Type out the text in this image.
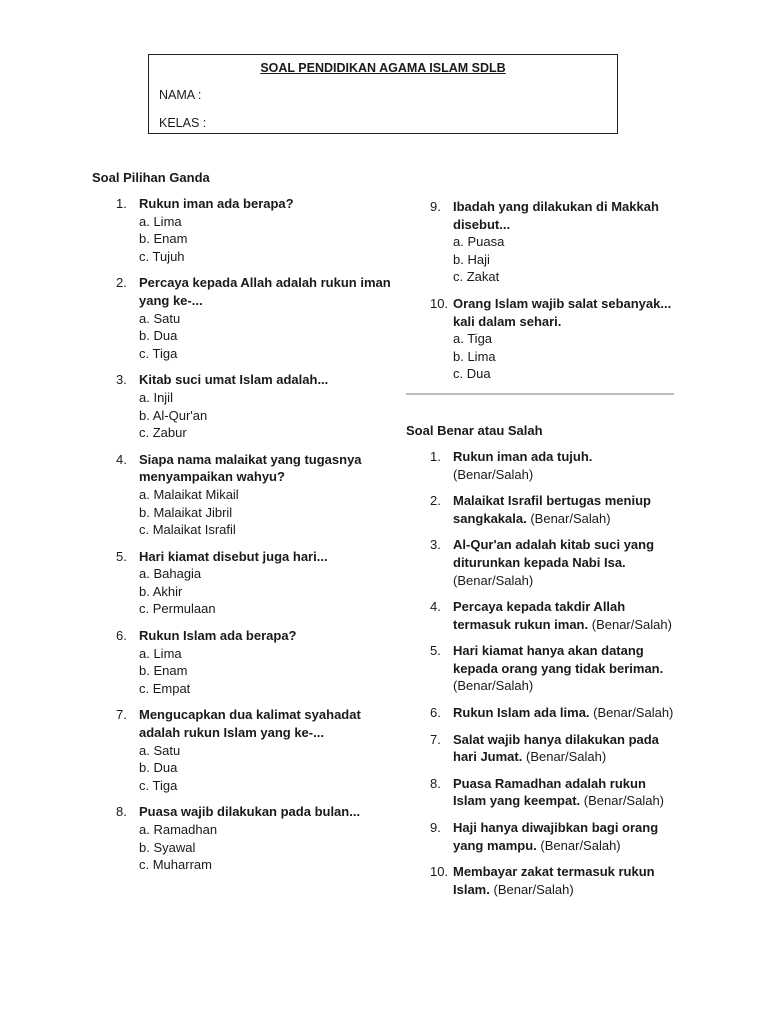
SOAL PENDIDIKAN AGAMA ISLAM SDLB
NAMA :
KELAS :
Soal Pilihan Ganda
1. Rukun iman ada berapa?
a. Lima
b. Enam
c. Tujuh
2. Percaya kepada Allah adalah rukun iman yang ke-...
a. Satu
b. Dua
c. Tiga
3. Kitab suci umat Islam adalah...
a. Injil
b. Al-Qur'an
c. Zabur
4. Siapa nama malaikat yang tugasnya menyampaikan wahyu?
a. Malaikat Mikail
b. Malaikat Jibril
c. Malaikat Israfil
5. Hari kiamat disebut juga hari...
a. Bahagia
b. Akhir
c. Permulaan
6. Rukun Islam ada berapa?
a. Lima
b. Enam
c. Empat
7. Mengucapkan dua kalimat syahadat adalah rukun Islam yang ke-...
a. Satu
b. Dua
c. Tiga
8. Puasa wajib dilakukan pada bulan...
a. Ramadhan
b. Syawal
c. Muharram
9. Ibadah yang dilakukan di Makkah disebut...
a. Puasa
b. Haji
c. Zakat
10. Orang Islam wajib salat sebanyak... kali dalam sehari.
a. Tiga
b. Lima
c. Dua
Soal Benar atau Salah
1. Rukun iman ada tujuh. (Benar/Salah)
2. Malaikat Israfil bertugas meniup sangkakala. (Benar/Salah)
3. Al-Qur'an adalah kitab suci yang diturunkan kepada Nabi Isa. (Benar/Salah)
4. Percaya kepada takdir Allah termasuk rukun iman. (Benar/Salah)
5. Hari kiamat hanya akan datang kepada orang yang tidak beriman. (Benar/Salah)
6. Rukun Islam ada lima. (Benar/Salah)
7. Salat wajib hanya dilakukan pada hari Jumat. (Benar/Salah)
8. Puasa Ramadhan adalah rukun Islam yang keempat. (Benar/Salah)
9. Haji hanya diwajibkan bagi orang yang mampu. (Benar/Salah)
10. Membayar zakat termasuk rukun Islam. (Benar/Salah)
